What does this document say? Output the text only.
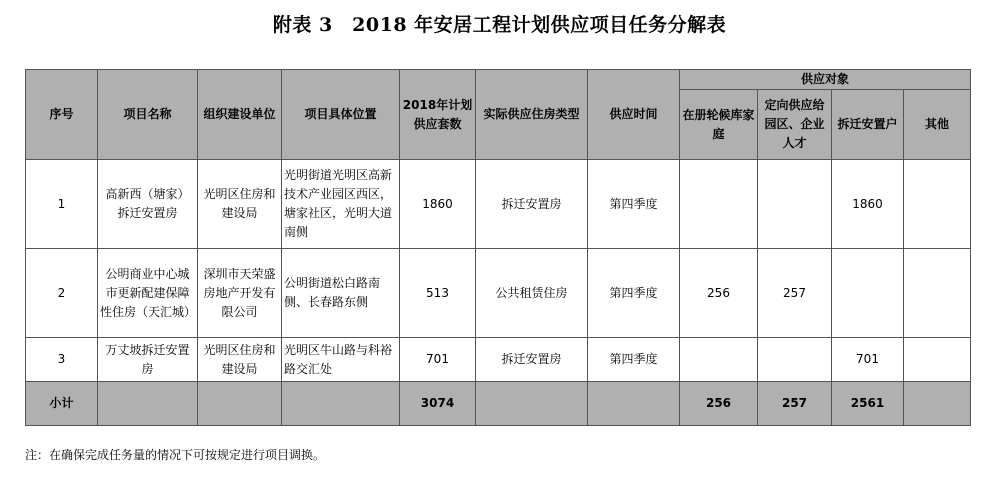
附表 3　2018 年安居工程计划供应项目任务分解表
序号	项目名称	组织建设单位	项目具体位置	2018年计划供应套数	实际供应住房类型	供应时间	供应对象			
							在册轮候库家庭	定向供应给园区、企业人才	拆迁安置户	其他
1	高新西（塘家）拆迁安置房	光明区住房和建设局	光明街道光明区高新技术产业园区西区，塘家社区，光明大道南侧	1860	拆迁安置房	第四季度			1860	
2	公明商业中心城市更新配建保障性住房（天汇城）	深圳市天荣盛房地产开发有限公司	公明街道松白路南侧、长春路东侧	513	公共租赁住房	第四季度	256	257		
3	万丈坡拆迁安置房	光明区住房和建设局	光明区牛山路与科裕路交汇处	701	拆迁安置房	第四季度			701	
小计				3074			256	257	2561	
注：在确保完成任务量的情况下可按规定进行项目调换。
